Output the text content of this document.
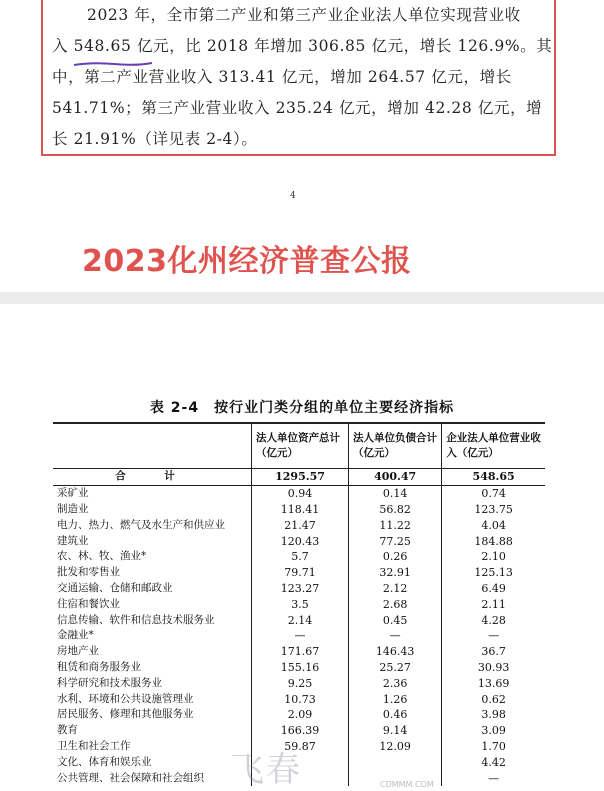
2023 年，全市第二产业和第三产业企业法人单位实现营业收
入 548.65 亿元，比 2018 年增加 306.85 亿元，增长 126.9%。其
中，第二产业营业收入 313.41 亿元，增加 264.57 亿元，增长
541.71%；第三产业营业收入 235.24 亿元，增加 42.28 亿元，增
长 21.91%（详见表 2-4）。
4
2023化州经济普查公报
表 2-4　按行业门类分组的单位主要经济指标
	法人单位资产总计（亿元）	法人单位负债合计（亿元）	企业法人单位营业收入（亿元）
合　计	1295.57	400.47	548.65
采矿业	0.94	0.14	0.74
制造业	118.41	56.82	123.75
电力、热力、燃气及水生产和供应业	21.47	11.22	4.04
建筑业	120.43	77.25	184.88
农、林、牧、渔业*	5.7	0.26	2.10
批发和零售业	79.71	32.91	125.13
交通运输、仓储和邮政业	123.27	2.12	6.49
住宿和餐饮业	3.5	2.68	2.11
信息传输、软件和信息技术服务业	2.14	0.45	4.28
金融业*	—	—	—
房地产业	171.67	146.43	36.7
租赁和商务服务业	155.16	25.27	30.93
科学研究和技术服务业	9.25	2.36	13.69
水利、环境和公共设施管理业	10.73	1.26	0.62
居民服务、修理和其他服务业	2.09	0.46	3.98
教育	166.39	9.14	3.09
卫生和社会工作	59.87	12.09	1.70
文化、体育和娱乐业			4.42
公共管理、社会保障和社会组织			—
飞春	CDMMM.COM
